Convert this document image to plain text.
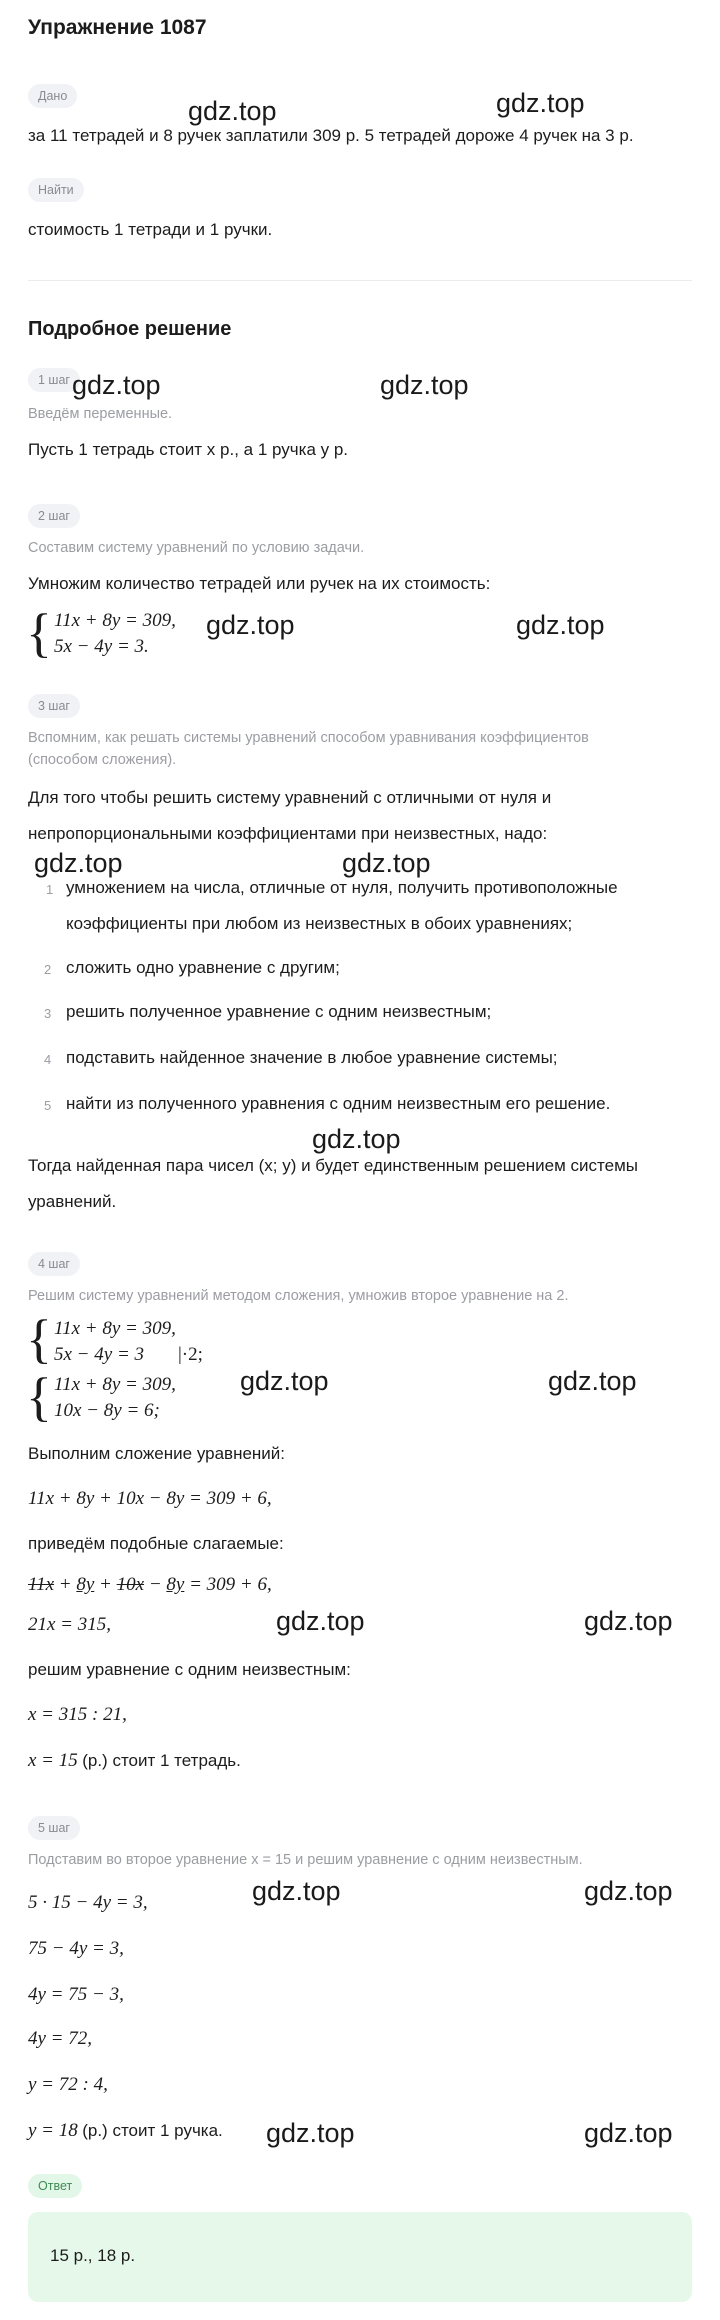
Упражнение 1087
Дано
за 11 тетрадей и 8 ручек заплатили 309 р. 5 тетрадей дороже 4 ручек на 3 р.
Найти
стоимость 1 тетради и 1 ручки.
Подробное решение
1 шаг
Введём переменные.
Пусть 1 тетрадь стоит x р., а 1 ручка y р.
2 шаг
Составим систему уравнений по условию задачи.
Умножим количество тетрадей или ручек на их стоимость:
{ 11x + 8y = 309,
5x − 4y = 3.
3 шаг
Вспомним, как решать системы уравнений способом уравнивания коэффициентов
(способом сложения).
Для того чтобы решить систему уравнений с отличными от нуля и
непропорциональными коэффициентами при неизвестных, надо:
1 умножением на числа, отличные от нуля, получить противоположные
коэффициенты при любом из неизвестных в обоих уравнениях;
2 сложить одно уравнение с другим;
3 решить полученное уравнение с одним неизвестным;
4 подставить найденное значение в любое уравнение системы;
5 найти из полученного уравнения с одним неизвестным его решение.
Тогда найденная пара чисел (x; y) и будет единственным решением системы
уравнений.
4 шаг
Решим систему уравнений методом сложения, умножив второе уравнение на 2.
{ 11x + 8y = 309,
5x − 4y = 3 |·2;
{ 11x + 8y = 309,
10x − 8y = 6;
Выполним сложение уравнений:
11x + 8y + 10x − 8y = 309 + 6,
приведём подобные слагаемые:
11x + 8y + 10x − 8y = 309 + 6,
21x = 315,
решим уравнение с одним неизвестным:
x = 315 : 21,
x = 15 (р.) стоит 1 тетрадь.
5 шаг
Подставим во второе уравнение x = 15 и решим уравнение с одним неизвестным.
5 · 15 − 4y = 3,
75 − 4y = 3,
4y = 75 − 3,
4y = 72,
y = 72 : 4,
y = 18 (р.) стоит 1 ручка.
Ответ
15 р., 18 р.
gdz.top	gdz.top
gdz.top	gdz.top
gdz.top	gdz.top
gdz.top	gdz.top
gdz.top
gdz.top	gdz.top
gdz.top	gdz.top
gdz.top	gdz.top
gdz.top	gdz.top
